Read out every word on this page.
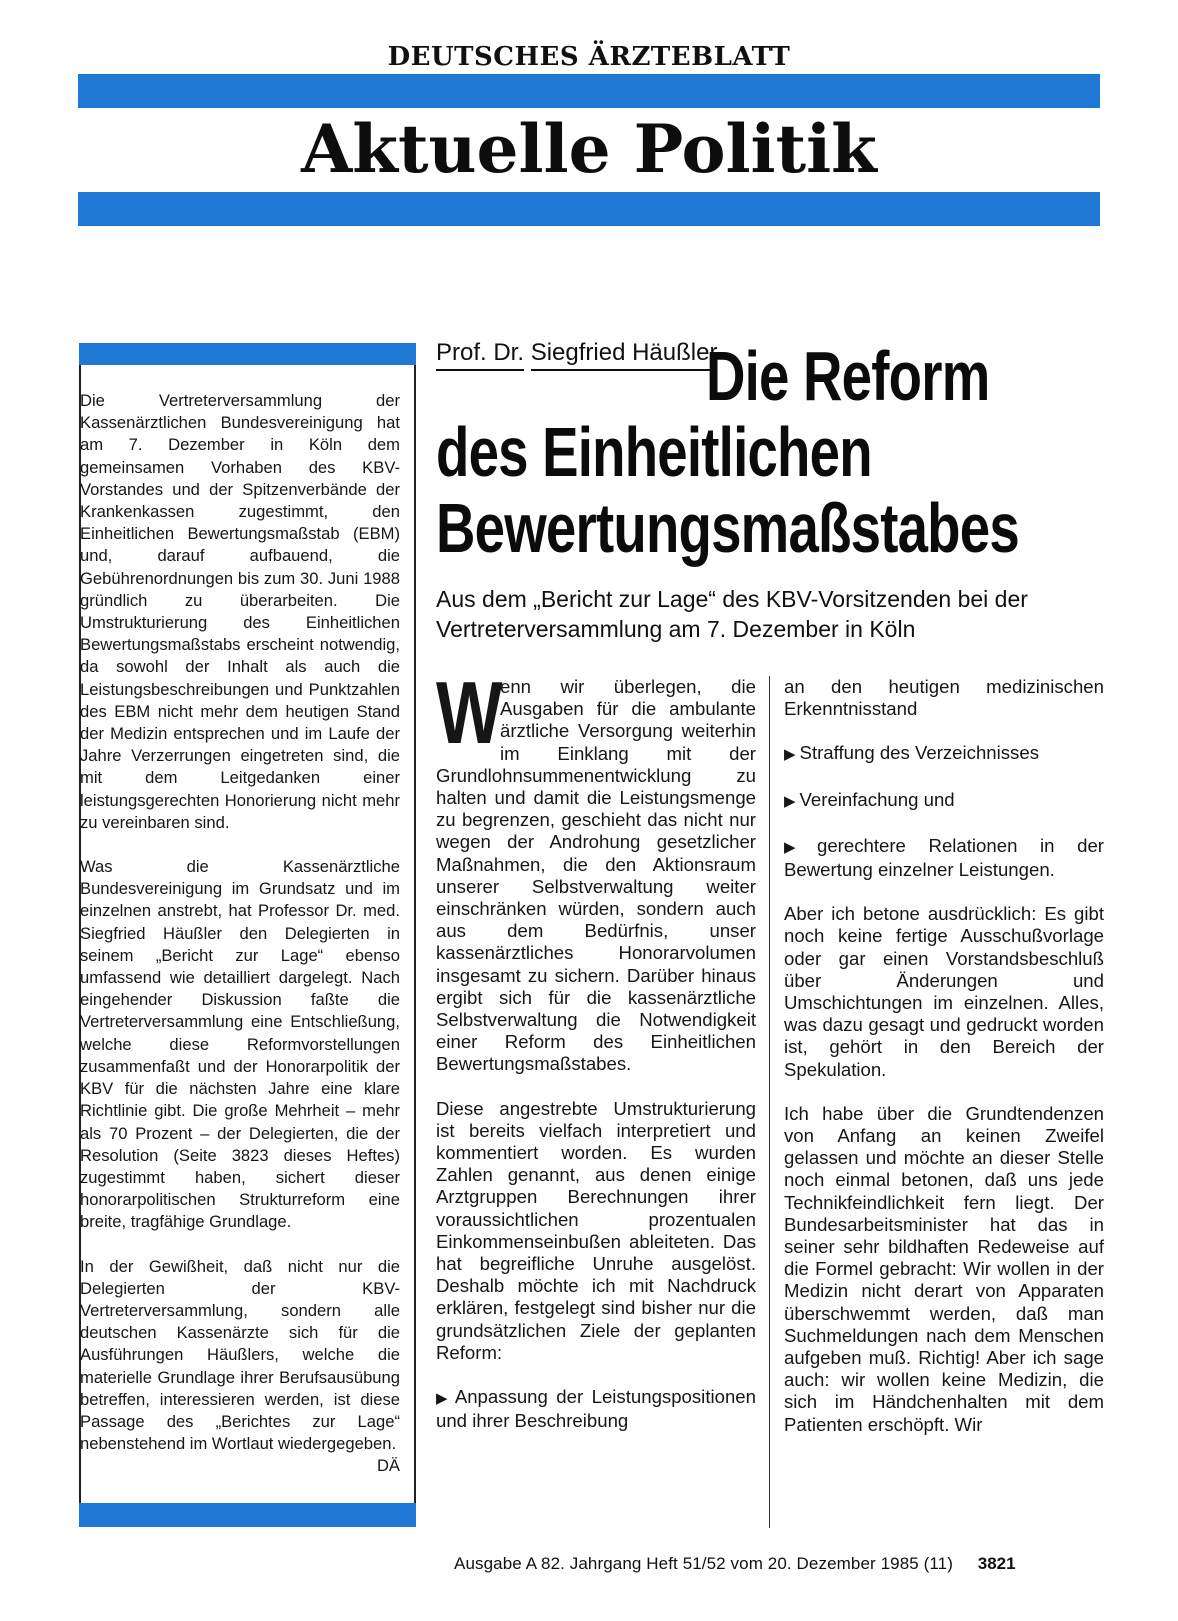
DEUTSCHES ÄRZTEBLATT
Aktuelle Politik

Die Vertreterversammlung der Kassenärztlichen Bundesvereinigung hat am 7. Dezember in Köln dem gemeinsamen Vorhaben des KBV-Vorstandes und der Spitzenverbände der Krankenkassen zugestimmt, den Einheitlichen Bewertungsmaßstab (EBM) und, darauf aufbauend, die Gebührenordnungen bis zum 30. Juni 1988 gründlich zu überarbeiten. Die Umstrukturierung des Einheitlichen Bewertungsmaßstabs erscheint notwendig, da sowohl der Inhalt als auch die Leistungsbeschreibungen und Punktzahlen des EBM nicht mehr dem heutigen Stand der Medizin entsprechen und im Laufe der Jahre Verzerrungen eingetreten sind, die mit dem Leitgedanken einer leistungsgerechten Honorierung nicht mehr zu vereinbaren sind.

Was die Kassenärztliche Bundesvereinigung im Grundsatz und im einzelnen anstrebt, hat Professor Dr. med. Siegfried Häußler den Delegierten in seinem „Bericht zur Lage“ ebenso umfassend wie detailliert dargelegt. Nach eingehender Diskussion faßte die Vertreterversammlung eine Entschließung, welche diese Reformvorstellungen zusammenfaßt und der Honorarpolitik der KBV für die nächsten Jahre eine klare Richtlinie gibt. Die große Mehrheit – mehr als 70 Prozent – der Delegierten, die der Resolution (Seite 3823 dieses Heftes) zugestimmt haben, sichert dieser honorarpolitischen Strukturreform eine breite, tragfähige Grundlage.

In der Gewißheit, daß nicht nur die Delegierten der KBV-Vertreterversammlung, sondern alle deutschen Kassenärzte sich für die Ausführungen Häußlers, welche die materielle Grundlage ihrer Berufsausübung betreffen, interessieren werden, ist diese Passage des „Berichtes zur Lage“ nebenstehend im Wortlaut wiedergegeben.
DÄ

Prof. Dr. Siegfried Häußler
Die Reform
des Einheitlichen
Bewertungsmaßstabes
Aus dem „Bericht zur Lage“ des KBV-Vorsitzenden bei der Vertreterversammlung am 7. Dezember in Köln

W
enn wir überlegen, die Ausgaben für die ambulante ärztliche Versorgung weiterhin im Einklang mit der Grundlohnsummenentwicklung zu halten und damit die Leistungsmenge zu begrenzen, geschieht das nicht nur wegen der Androhung gesetzlicher Maßnahmen, die den Aktionsraum unserer Selbstverwaltung weiter einschränken würden, sondern auch aus dem Bedürfnis, unser kassenärztliches Honorarvolumen insgesamt zu sichern. Darüber hinaus ergibt sich für die kassenärztliche Selbstverwaltung die Notwendigkeit einer Reform des Einheitlichen Bewertungsmaßstabes.

Diese angestrebte Umstrukturierung ist bereits vielfach interpretiert und kommentiert worden. Es wurden Zahlen genannt, aus denen einige Arztgruppen Berechnungen ihrer voraussichtlichen prozentualen Einkommenseinbußen ableiteten. Das hat begreifliche Unruhe ausgelöst. Deshalb möchte ich mit Nachdruck erklären, festgelegt sind bisher nur die grundsätzlichen Ziele der geplanten Reform:

▶ Anpassung der Leistungspositionen und ihrer Beschreibung

an den heutigen medizinischen Erkenntnisstand

▶ Straffung des Verzeichnisses

▶ Vereinfachung und

▶ gerechtere Relationen in der Bewertung einzelner Leistungen.

Aber ich betone ausdrücklich: Es gibt noch keine fertige Ausschußvorlage oder gar einen Vorstandsbeschluß über Änderungen und Umschichtungen im einzelnen. Alles, was dazu gesagt und gedruckt worden ist, gehört in den Bereich der Spekulation.

Ich habe über die Grundtendenzen von Anfang an keinen Zweifel gelassen und möchte an dieser Stelle noch einmal betonen, daß uns jede Technikfeindlichkeit fern liegt. Der Bundesarbeitsminister hat das in seiner sehr bildhaften Redeweise auf die Formel gebracht: Wir wollen in der Medizin nicht derart von Apparaten überschwemmt werden, daß man Suchmeldungen nach dem Menschen aufgeben muß. Richtig! Aber ich sage auch: wir wollen keine Medizin, die sich im Händchenhalten mit dem Patienten erschöpft. Wir

Ausgabe A 82. Jahrgang Heft 51/52 vom 20. Dezember 1985 (11) 3821
